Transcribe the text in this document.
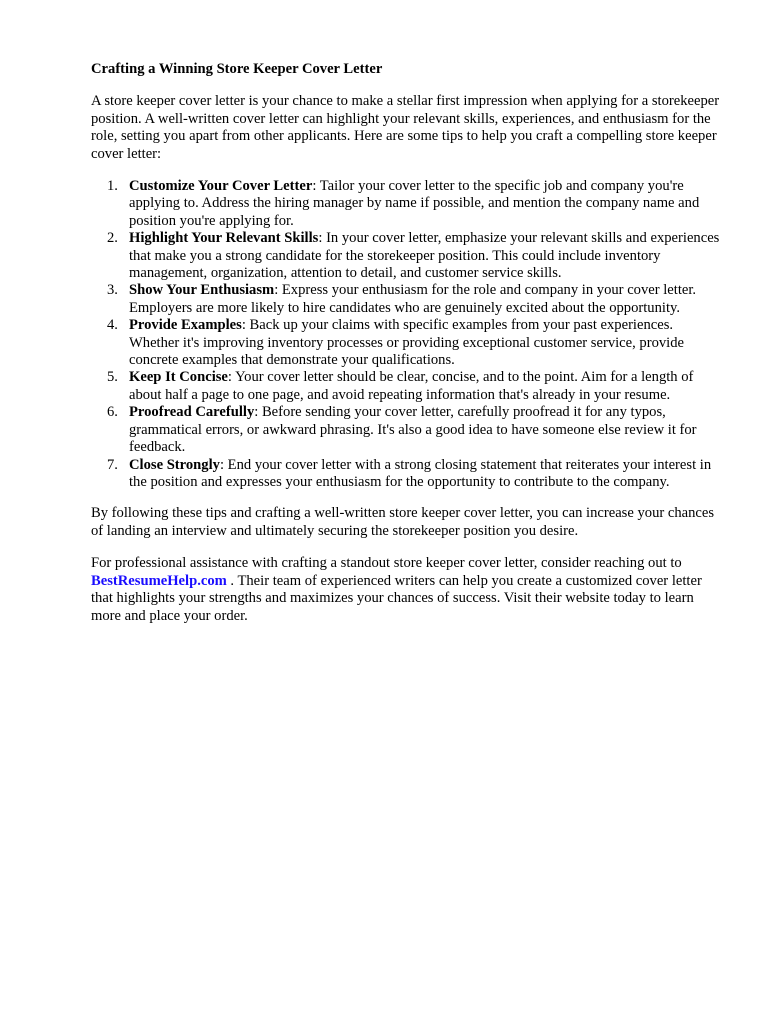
Crafting a Winning Store Keeper Cover Letter

A store keeper cover letter is your chance to make a stellar first impression when applying for a storekeeper position. A well-written cover letter can highlight your relevant skills, experiences, and enthusiasm for the role, setting you apart from other applicants. Here are some tips to help you craft a compelling store keeper cover letter:

1. Customize Your Cover Letter: Tailor your cover letter to the specific job and company you're applying to. Address the hiring manager by name if possible, and mention the company name and position you're applying for.
2. Highlight Your Relevant Skills: In your cover letter, emphasize your relevant skills and experiences that make you a strong candidate for the storekeeper position. This could include inventory management, organization, attention to detail, and customer service skills.
3. Show Your Enthusiasm: Express your enthusiasm for the role and company in your cover letter. Employers are more likely to hire candidates who are genuinely excited about the opportunity.
4. Provide Examples: Back up your claims with specific examples from your past experiences. Whether it's improving inventory processes or providing exceptional customer service, provide concrete examples that demonstrate your qualifications.
5. Keep It Concise: Your cover letter should be clear, concise, and to the point. Aim for a length of about half a page to one page, and avoid repeating information that's already in your resume.
6. Proofread Carefully: Before sending your cover letter, carefully proofread it for any typos, grammatical errors, or awkward phrasing. It's also a good idea to have someone else review it for feedback.
7. Close Strongly: End your cover letter with a strong closing statement that reiterates your interest in the position and expresses your enthusiasm for the opportunity to contribute to the company.

By following these tips and crafting a well-written store keeper cover letter, you can increase your chances of landing an interview and ultimately securing the storekeeper position you desire.

For professional assistance with crafting a standout store keeper cover letter, consider reaching out to BestResumeHelp.com . Their team of experienced writers can help you create a customized cover letter that highlights your strengths and maximizes your chances of success. Visit their website today to learn more and place your order.
